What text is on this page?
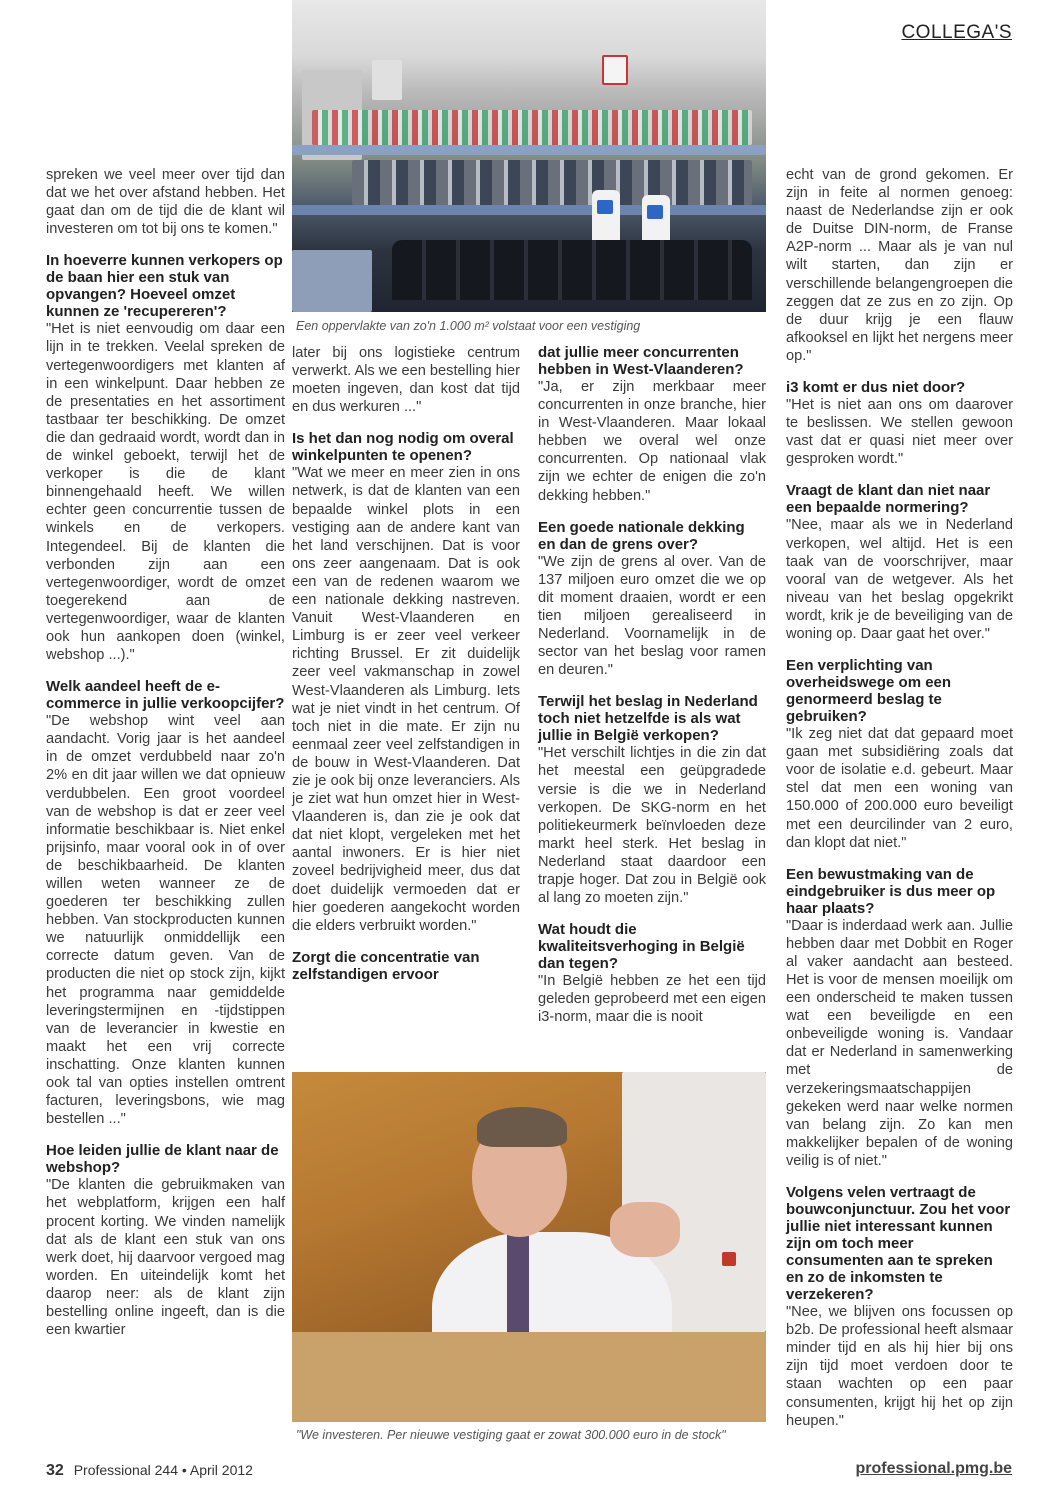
COLLEGA'S
Een oppervlakte van zo'n 1.000 m² volstaat voor een vestiging

spreken we veel meer over tijd dan dat we het over afstand hebben. Het gaat dan om de tijd die de klant wil investeren om tot bij ons te komen."

In hoeverre kunnen verkopers op de baan hier een stuk van opvangen? Hoeveel omzet kunnen ze 'recupereren'?

"Het is niet eenvoudig om daar een lijn in te trekken. Veelal spreken de vertegenwoordigers met klanten af in een winkelpunt. Daar hebben ze de presentaties en het assortiment tastbaar ter beschikking. De omzet die dan gedraaid wordt, wordt dan in de winkel geboekt, terwijl het de verkoper is die de klant binnengehaald heeft. We willen echter geen concurrentie tussen de winkels en de verkopers. Integendeel. Bij de klanten die verbonden zijn aan een vertegenwoordiger, wordt de omzet toegerekend aan de vertegenwoordiger, waar de klanten ook hun aankopen doen (winkel, webshop ...)."

Welk aandeel heeft de e-commerce in jullie verkoopcijfer?

"De webshop wint veel aan aandacht. Vorig jaar is het aandeel in de omzet verdubbeld naar zo'n 2% en dit jaar willen we dat opnieuw verdubbelen. Een groot voordeel van de webshop is dat er zeer veel informatie beschikbaar is. Niet enkel prijsinfo, maar vooral ook in of over de beschikbaarheid. De klanten willen weten wanneer ze de goederen ter beschikking zullen hebben. Van stockproducten kunnen we natuurlijk onmiddellijk een correcte datum geven. Van de producten die niet op stock zijn, kijkt het programma naar gemiddelde leveringstermijnen en -tijdstippen van de leverancier in kwestie en maakt het een vrij correcte inschatting. Onze klanten kunnen ook tal van opties instellen omtrent facturen, leveringsbons, wie mag bestellen ..."

Hoe leiden jullie de klant naar de webshop?

"De klanten die gebruikmaken van het webplatform, krijgen een half procent korting. We vinden namelijk dat als de klant een stuk van ons werk doet, hij daarvoor vergoed mag worden. En uiteindelijk komt het daarop neer: als de klant zijn bestelling online ingeeft, dan is die een kwartier

later bij ons logistieke centrum verwerkt. Als we een bestelling hier moeten ingeven, dan kost dat tijd en dus werkuren ..."

Is het dan nog nodig om overal winkelpunten te openen?

"Wat we meer en meer zien in ons netwerk, is dat de klanten van een bepaalde winkel plots in een vestiging aan de andere kant van het land verschijnen. Dat is voor ons zeer aangenaam. Dat is ook een van de redenen waarom we een nationale dekking nastreven. Vanuit West-Vlaanderen en Limburg is er zeer veel verkeer richting Brussel. Er zit duidelijk zeer veel vakmanschap in zowel West-Vlaanderen als Limburg. Iets wat je niet vindt in het centrum. Of toch niet in die mate. Er zijn nu eenmaal zeer veel zelfstandigen in de bouw in West-Vlaanderen. Dat zie je ook bij onze leveranciers. Als je ziet wat hun omzet hier in West-Vlaanderen is, dan zie je ook dat dat niet klopt, vergeleken met het aantal inwoners. Er is hier niet zoveel bedrijvigheid meer, dus dat doet duidelijk vermoeden dat er hier goederen aangekocht worden die elders verbruikt worden."

Zorgt die concentratie van zelfstandigen ervoor
dat jullie meer concurrenten hebben in West-Vlaanderen?

"Ja, er zijn merkbaar meer concurrenten in onze branche, hier in West-Vlaanderen. Maar lokaal hebben we overal wel onze concurrenten. Op nationaal vlak zijn we echter de enigen die zo'n dekking hebben."

Een goede nationale dekking en dan de grens over?

"We zijn de grens al over. Van de 137 miljoen euro omzet die we op dit moment draaien, wordt er een tien miljoen gerealiseerd in Nederland. Voornamelijk in de sector van het beslag voor ramen en deuren."

Terwijl het beslag in Nederland toch niet hetzelfde is als wat jullie in België verkopen?

"Het verschilt lichtjes in die zin dat het meestal een geüpgradede versie is die we in Nederland verkopen. De SKG-norm en het politiekeurmerk beïnvloeden deze markt heel sterk. Het beslag in Nederland staat daardoor een trapje hoger. Dat zou in België ook al lang zo moeten zijn."

Wat houdt die kwaliteitsverhoging in België dan tegen?

"In België hebben ze het een tijd geleden geprobeerd met een eigen i3-norm, maar die is nooit

echt van de grond gekomen. Er zijn in feite al normen genoeg: naast de Nederlandse zijn er ook de Duitse DIN-norm, de Franse A2P-norm ... Maar als je van nul wilt starten, dan zijn er verschillende belangengroepen die zeggen dat ze zus en zo zijn. Op de duur krijg je een flauw afkooksel en lijkt het nergens meer op."

i3 komt er dus niet door?

"Het is niet aan ons om daarover te beslissen. We stellen gewoon vast dat er quasi niet meer over gesproken wordt."

Vraagt de klant dan niet naar een bepaalde normering?

"Nee, maar als we in Nederland verkopen, wel altijd. Het is een taak van de voorschrijver, maar vooral van de wetgever. Als het niveau van het beslag opgekrikt wordt, krik je de beveiliging van de woning op. Daar gaat het over."

Een verplichting van overheidswege om een genormeerd beslag te gebruiken?

"Ik zeg niet dat dat gepaard moet gaan met subsidiëring zoals dat voor de isolatie e.d. gebeurt. Maar stel dat men een woning van 150.000 of 200.000 euro beveiligt met een deurcilinder van 2 euro, dan klopt dat niet."

Een bewustmaking van de eindgebruiker is dus meer op haar plaats?

"Daar is inderdaad werk aan. Jullie hebben daar met Dobbit en Roger al vaker aandacht aan besteed. Het is voor de mensen moeilijk om een onderscheid te maken tussen wat een beveiligde en een onbeveiligde woning is. Vandaar dat er Nederland in samenwerking met de verzekeringsmaatschappijen gekeken werd naar welke normen van belang zijn. Zo kan men makkelijker bepalen of de woning veilig is of niet."

Volgens velen vertraagt de bouwconjunctuur. Zou het voor jullie niet interessant kunnen zijn om toch meer consumenten aan te spreken en zo de inkomsten te verzekeren?

"Nee, we blijven ons focussen op b2b. De professional heeft alsmaar minder tijd en als hij hier bij ons zijn tijd moet verdoen door te staan wachten op een paar consumenten, krijgt hij het op zijn heupen."

"We investeren. Per nieuwe vestiging gaat er zowat 300.000 euro in de stock"
32 Professional 244 • April 2012	professional.pmg.be
